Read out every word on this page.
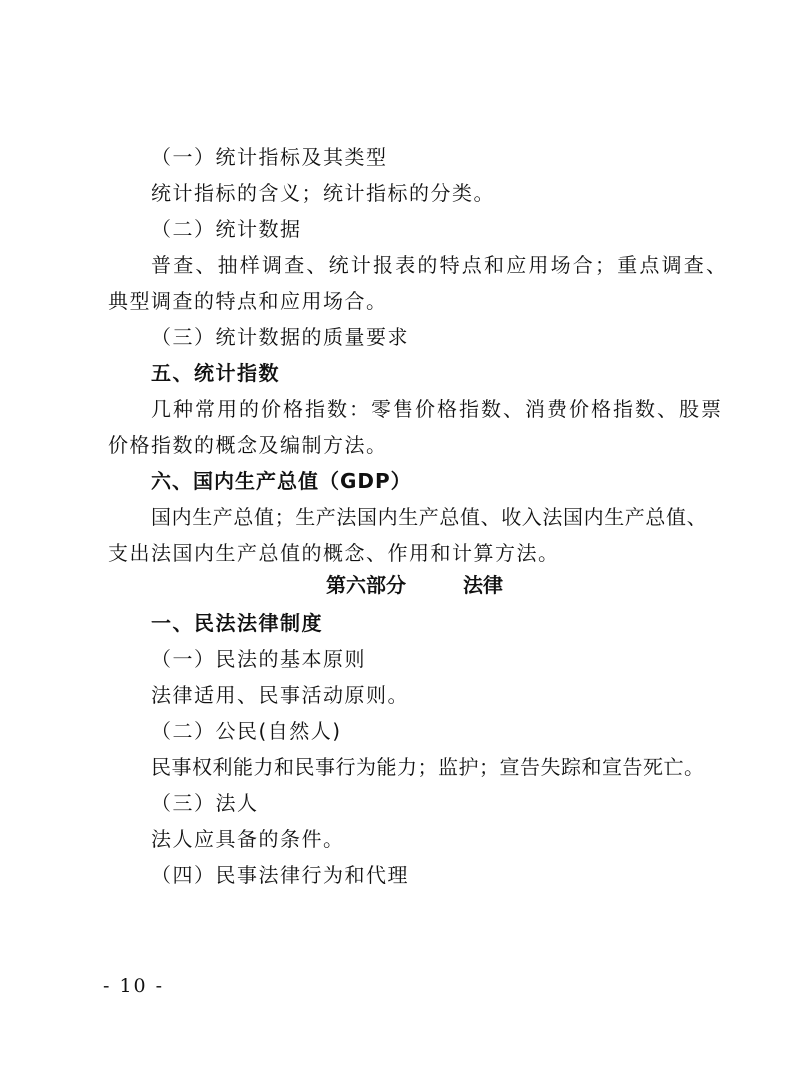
（一）统计指标及其类型
统计指标的含义；统计指标的分类。
（二）统计数据
普查、抽样调查、统计报表的特点和应用场合；重点调查、
典型调查的特点和应用场合。
（三）统计数据的质量要求
五、统计指数
几种常用的价格指数：零售价格指数、消费价格指数、股票
价格指数的概念及编制方法。
六、国内生产总值（GDP）
国内生产总值；生产法国内生产总值、收入法国内生产总值、
支出法国内生产总值的概念、作用和计算方法。
第六部分	法律
一、民法法律制度
（一）民法的基本原则
法律适用、民事活动原则。
（二）公民(自然人)
民事权利能力和民事行为能力；监护；宣告失踪和宣告死亡。
（三）法人
法人应具备的条件。
（四）民事法律行为和代理
- 10 -
